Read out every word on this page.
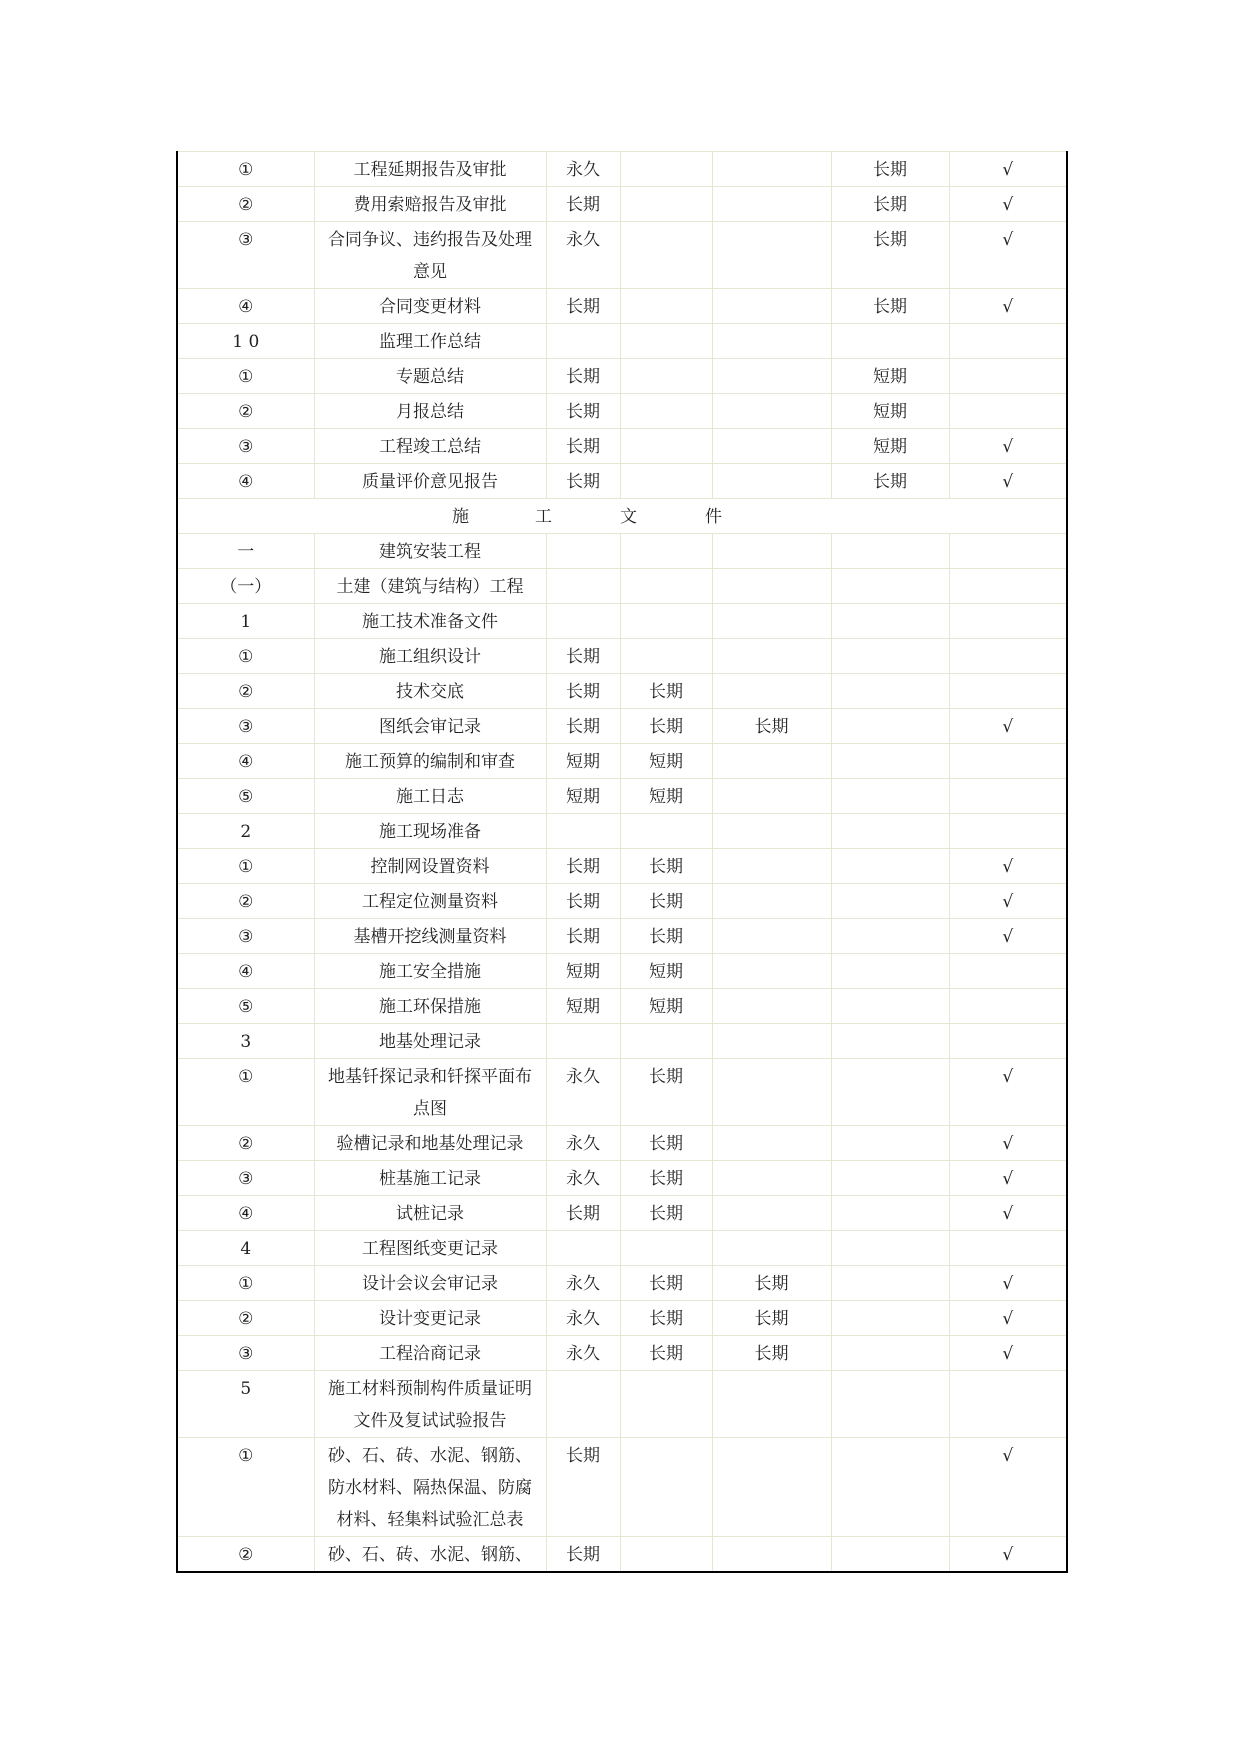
①	工程延期报告及审批	永久			长期	√
②	费用索赔报告及审批	长期			长期	√
③	合同争议、违约报告及处理意见	永久			长期	√
④	合同变更材料	长期			长期	√
1 0	监理工作总结					
①	专题总结	长期			短期	
②	月报总结	长期			短期	
③	工程竣工总结	长期			短期	√
④	质量评价意见报告	长期			长期	√
施 工 文 件						
一	建筑安装工程					
（一）	土建（建筑与结构）工程					
1	施工技术准备文件					
①	施工组织设计	长期				
②	技术交底	长期	长期			
③	图纸会审记录	长期	长期	长期		√
④	施工预算的编制和审查	短期	短期			
⑤	施工日志	短期	短期			
2	施工现场准备					
①	控制网设置资料	长期	长期			√
②	工程定位测量资料	长期	长期			√
③	基槽开挖线测量资料	长期	长期			√
④	施工安全措施	短期	短期			
⑤	施工环保措施	短期	短期			
3	地基处理记录					
①	地基钎探记录和钎探平面布点图	永久	长期			√
②	验槽记录和地基处理记录	永久	长期			√
③	桩基施工记录	永久	长期			√
④	试桩记录	长期	长期			√
4	工程图纸变更记录					
①	设计会议会审记录	永久	长期	长期		√
②	设计变更记录	永久	长期	长期		√
③	工程洽商记录	永久	长期	长期		√
5	施工材料预制构件质量证明文件及复试试验报告					
①	砂、石、砖、水泥、钢筋、防水材料、隔热保温、防腐材料、轻集料试验汇总表	长期				√
②	砂、石、砖、水泥、钢筋、	长期				√
